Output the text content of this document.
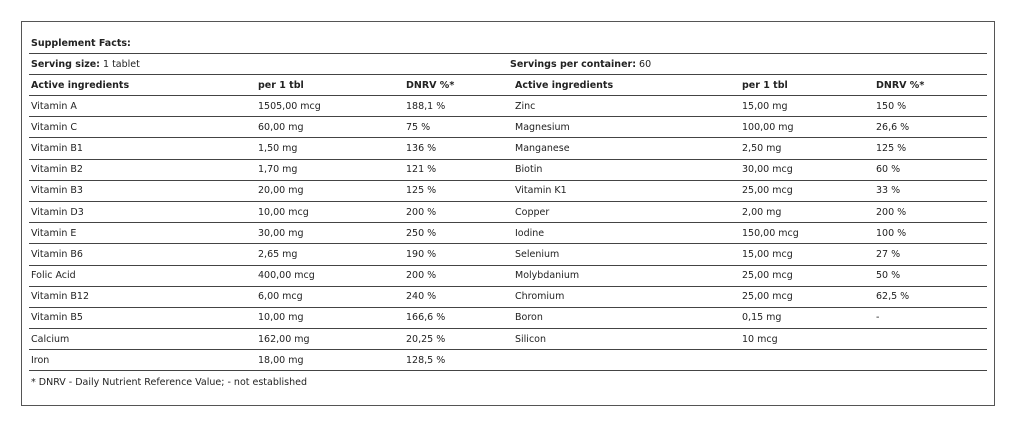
Supplement Facts:
Serving size: 1 tablet	Servings per container: 60
Active ingredients	per 1 tbl	DNRV %*	Active ingredients	per 1 tbl	DNRV %*
Vitamin A	1505,00 mcg	188,1 %	Zinc	15,00 mg	150 %
Vitamin C	60,00 mg	75 %	Magnesium	100,00 mg	26,6 %
Vitamin B1	1,50 mg	136 %	Manganese	2,50 mg	125 %
Vitamin B2	1,70 mg	121 %	Biotin	30,00 mcg	60 %
Vitamin B3	20,00 mg	125 %	Vitamin K1	25,00 mcg	33 %
Vitamin D3	10,00 mcg	200 %	Copper	2,00 mg	200 %
Vitamin E	30,00 mg	250 %	Iodine	150,00 mcg	100 %
Vitamin B6	2,65 mg	190 %	Selenium	15,00 mcg	27 %
Folic Acid	400,00 mcg	200 %	Molybdanium	25,00 mcg	50 %
Vitamin B12	6,00 mcg	240 %	Chromium	25,00 mcg	62,5 %
Vitamin B5	10,00 mg	166,6 %	Boron	0,15 mg	-
Calcium	162,00 mg	20,25 %	Silicon	10 mcg
Iron	18,00 mg	128,5 %
* DNRV - Daily Nutrient Reference Value; - not established
